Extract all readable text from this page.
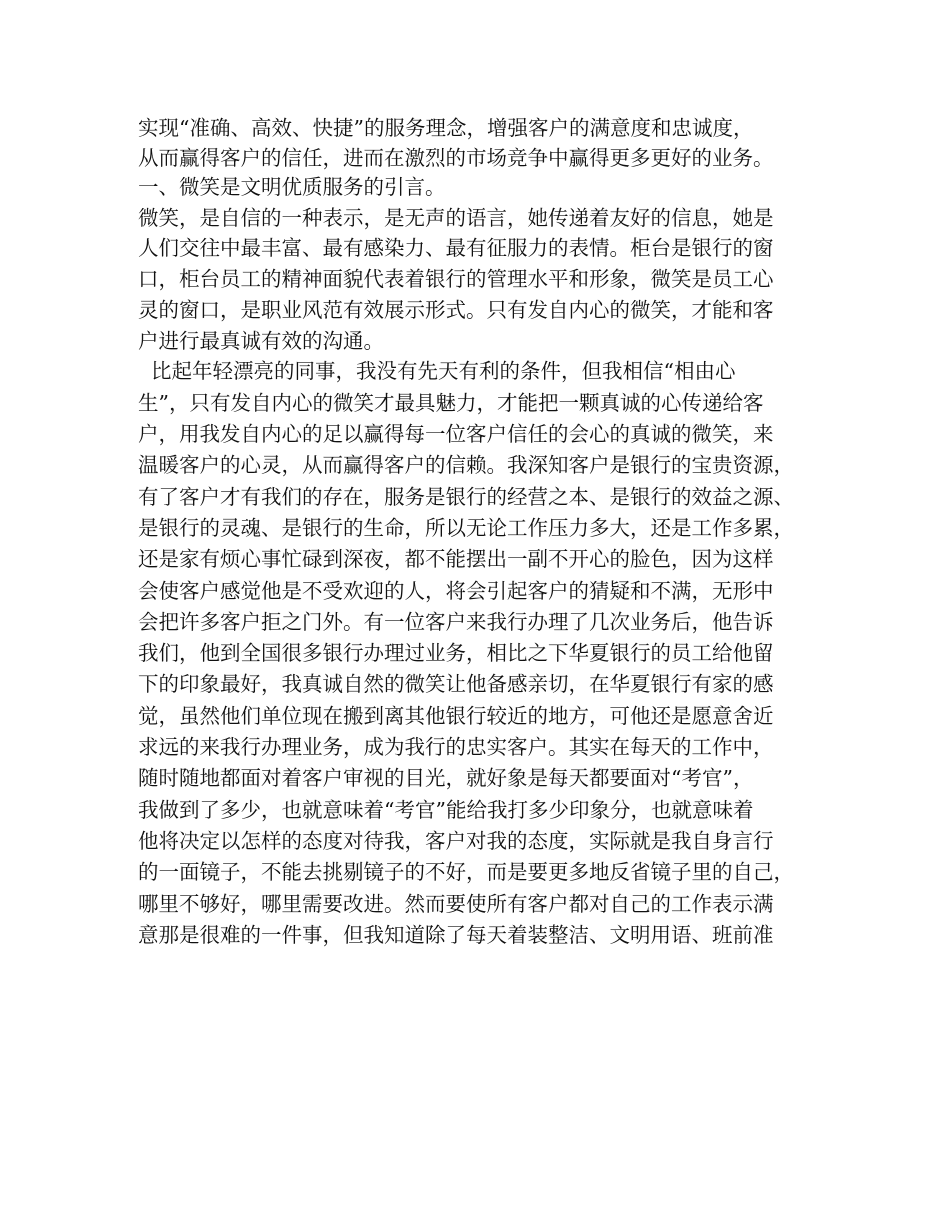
实现“准确、高效、快捷”的服务理念，增强客户的满意度和忠诚度，
从而赢得客户的信任，进而在激烈的市场竞争中赢得更多更好的业务。
一、微笑是文明优质服务的引言。
微笑，是自信的一种表示，是无声的语言，她传递着友好的信息，她是
人们交往中最丰富、最有感染力、最有征服力的表情。柜台是银行的窗
口，柜台员工的精神面貌代表着银行的管理水平和形象，微笑是员工心
灵的窗口，是职业风范有效展示形式。只有发自内心的微笑，才能和客
户进行最真诚有效的沟通。
比起年轻漂亮的同事，我没有先天有利的条件，但我相信“相由心
生”，只有发自内心的微笑才最具魅力，才能把一颗真诚的心传递给客
户，用我发自内心的足以赢得每一位客户信任的会心的真诚的微笑，来
温暖客户的心灵，从而赢得客户的信赖。我深知客户是银行的宝贵资源，
有了客户才有我们的存在，服务是银行的经营之本、是银行的效益之源、
是银行的灵魂、是银行的生命，所以无论工作压力多大，还是工作多累，
还是家有烦心事忙碌到深夜，都不能摆出一副不开心的脸色，因为这样
会使客户感觉他是不受欢迎的人，将会引起客户的猜疑和不满，无形中
会把许多客户拒之门外。有一位客户来我行办理了几次业务后，他告诉
我们，他到全国很多银行办理过业务，相比之下华夏银行的员工给他留
下的印象最好，我真诚自然的微笑让他备感亲切，在华夏银行有家的感
觉，虽然他们单位现在搬到离其他银行较近的地方，可他还是愿意舍近
求远的来我行办理业务，成为我行的忠实客户。其实在每天的工作中，
随时随地都面对着客户审视的目光，就好象是每天都要面对“考官”，
我做到了多少，也就意味着“考官”能给我打多少印象分，也就意味着
他将决定以怎样的态度对待我，客户对我的态度，实际就是我自身言行
的一面镜子，不能去挑剔镜子的不好，而是要更多地反省镜子里的自己，
哪里不够好，哪里需要改进。然而要使所有客户都对自己的工作表示满
意那是很难的一件事，但我知道除了每天着装整洁、文明用语、班前准
